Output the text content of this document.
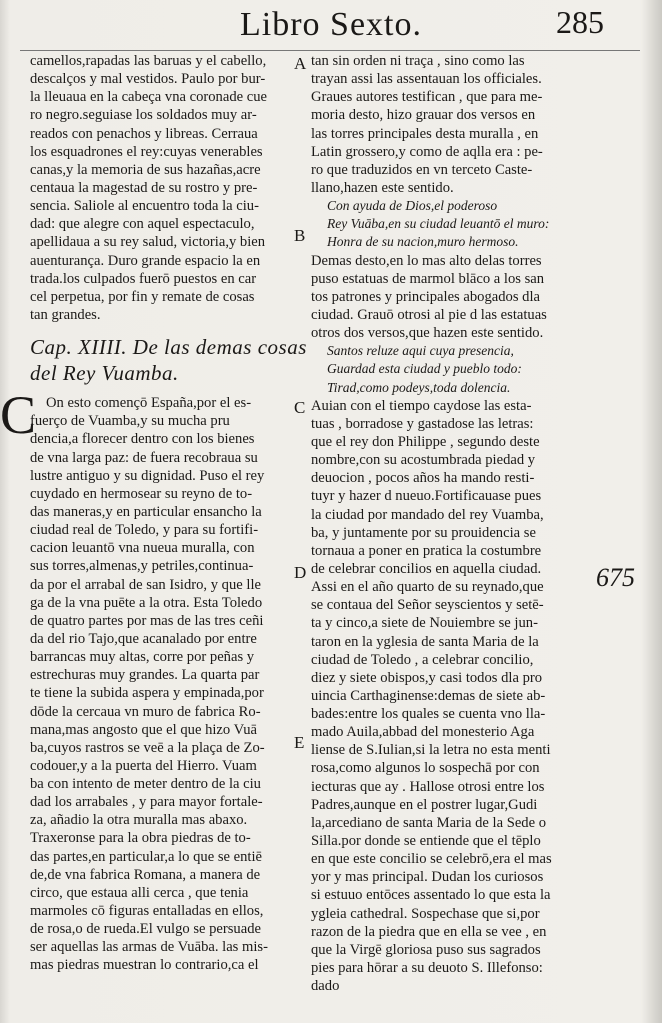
Libro Sexto.	285
camellos,rapadas las baruas y el cabello,
descalços y mal vestidos. Paulo por bur-
la lleuaua en la cabeça vna coronade cue
ro negro.seguiase los soldados muy ar-
reados con penachos y libreas. Cerraua
los esquadrones el rey:cuyas venerables
canas,y la memoria de sus hazañas,acre
centaua la magestad de su rostro y pre-
sencia. Saliole al encuentro toda la ciu-
dad: que alegre con aquel espectaculo,
apellidaua a su rey salud, victoria,y bien
auenturança. Duro grande espacio la en
trada.los culpados fuerō puestos en car
cel perpetua, por fin y remate de cosas
tan grandes.
Cap. XIIII. De las demas cosas
del Rey Vuamba.
C On esto començō España,por el es-
fuerço de Vuamba,y su mucha pru
dencia,a florecer dentro con los bienes
de vna larga paz: de fuera recobraua su
lustre antiguo y su dignidad. Puso el rey
cuydado en hermosear su reyno de to-
das maneras,y en particular ensancho la
ciudad real de Toledo, y para su fortifi-
cacion leuantō vna nueua muralla, con
sus torres,almenas,y petriles,continua-
da por el arrabal de san Isidro, y que lle
ga de la vna puēte a la otra. Esta Toledo
de quatro partes por mas de las tres ceñi
da del rio Tajo,que acanalado por entre
barrancas muy altas, corre por peñas y
estrechuras muy grandes. La quarta par
te tiene la subida aspera y empinada,por
dōde la cercaua vn muro de fabrica Ro-
mana,mas angosto que el que hizo Vuā
ba,cuyos rastros se veē a la plaça de Zo-
codouer,y a la puerta del Hierro. Vuam
ba con intento de meter dentro de la ciu
dad los arrabales , y para mayor fortale-
za, añadio la otra muralla mas abaxo.
Traxeronse para la obra piedras de to-
das partes,en particular,a lo que se entiē
de,de vna fabrica Romana, a manera de
circo, que estaua alli cerca , que tenia
marmoles cō figuras entalladas en ellos,
de rosa,o de rueda.El vulgo se persuade
ser aquellas las armas de Vuāba. las mis-
mas piedras muestran lo contrario,ca el
tan sin orden ni traça , sino como las
trayan assi las assentauan los officiales.
Graues autores testifican , que para me-
moria desto, hizo grauar dos versos en
las torres principales desta muralla , en
Latin grossero,y como de aqlla era : pe-
ro que traduzidos en vn terceto Caste-
llano,hazen este sentido.
Con ayuda de Dios,el poderoso
Rey Vuāba,en su ciudad leuantō el muro:
Honra de su nacion,muro hermoso.
Demas desto,en lo mas alto delas torres
puso estatuas de marmol blāco a los san
tos patrones y principales abogados dla
ciudad. Grauō otrosi al pie d las estatuas
otros dos versos,que hazen este sentido.
Santos reluze aqui cuya presencia,
Guardad esta ciudad y pueblo todo:
Tirad,como podeys,toda dolencia.
Auian con el tiempo caydose las esta-
tuas , borradose y gastadose las letras:
que el rey don Philippe , segundo deste
nombre,con su acostumbrada piedad y
deuocion , pocos años ha mando resti-
tuyr y hazer d nueuo.Fortificauase pues
la ciudad por mandado del rey Vuamba,
ba, y juntamente por su prouidencia se
tornaua a poner en pratica la costumbre
de celebrar concilios en aquella ciudad.
Assi en el año quarto de su reynado,que
se contaua del Señor seyscientos y setē-
ta y cinco,a siete de Nouiembre se jun-
taron en la yglesia de santa Maria de la
ciudad de Toledo , a celebrar concilio,
diez y siete obispos,y casi todos dla pro
uincia Carthaginense:demas de siete ab-
bades:entre los quales se cuenta vno lla-
mado Auila,abbad del monesterio Aga
liense de S.Iulian,si la letra no esta menti
rosa,como algunos lo sospechā por con
iecturas que ay . Hallose otrosi entre los
Padres,aunque en el postrer lugar,Gudi
la,arcediano de santa Maria de la Sede o
Silla.por donde se entiende que el tēplo
en que este concilio se celebrō,era el mas
yor y mas principal. Dudan los curiosos
si estuuo entōces assentado lo que esta la
ygleia cathedral. Sospechase que si,por
razon de la piedra que en ella se vee , en
que la Virgē gloriosa puso sus sagrados
pies para hōrar a su deuoto S. Illefonso:
dado
A
B
C
D
E
675
